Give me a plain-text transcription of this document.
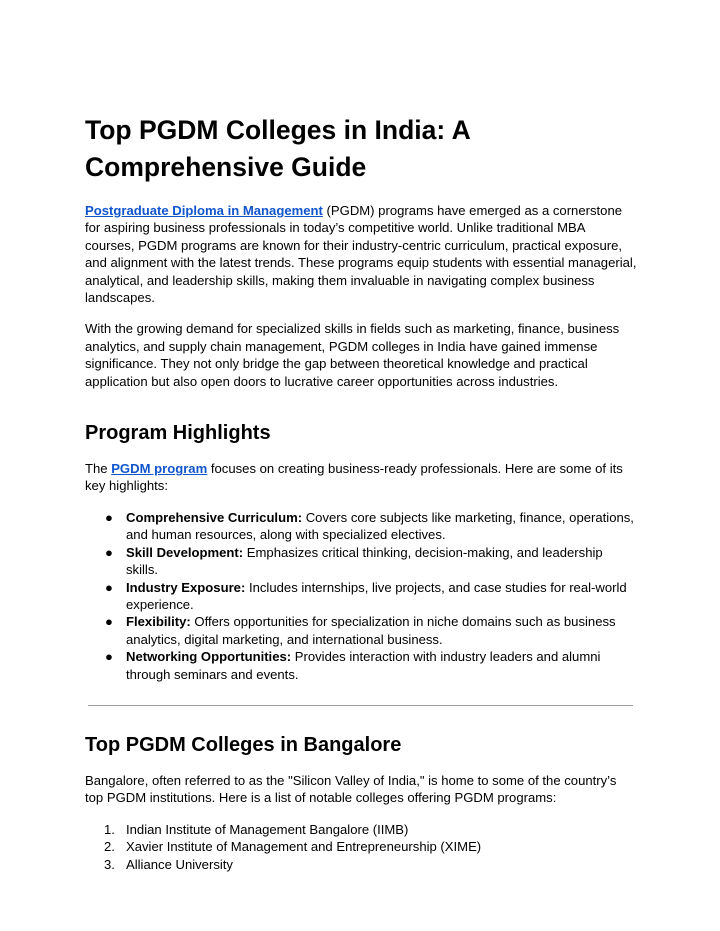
Top PGDM Colleges in India: A Comprehensive Guide

Postgraduate Diploma in Management (PGDM) programs have emerged as a cornerstone for aspiring business professionals in today’s competitive world. Unlike traditional MBA courses, PGDM programs are known for their industry-centric curriculum, practical exposure, and alignment with the latest trends. These programs equip students with essential managerial, analytical, and leadership skills, making them invaluable in navigating complex business landscapes.

With the growing demand for specialized skills in fields such as marketing, finance, business analytics, and supply chain management, PGDM colleges in India have gained immense significance. They not only bridge the gap between theoretical knowledge and practical application but also open doors to lucrative career opportunities across industries.

Program Highlights

The PGDM program focuses on creating business-ready professionals. Here are some of its key highlights:

● Comprehensive Curriculum: Covers core subjects like marketing, finance, operations, and human resources, along with specialized electives.
● Skill Development: Emphasizes critical thinking, decision-making, and leadership skills.
● Industry Exposure: Includes internships, live projects, and case studies for real-world experience.
● Flexibility: Offers opportunities for specialization in niche domains such as business analytics, digital marketing, and international business.
● Networking Opportunities: Provides interaction with industry leaders and alumni through seminars and events.
Top PGDM Colleges in Bangalore

Bangalore, often referred to as the "Silicon Valley of India," is home to some of the country’s top PGDM institutions. Here is a list of notable colleges offering PGDM programs:

1. Indian Institute of Management Bangalore (IIMB)
2. Xavier Institute of Management and Entrepreneurship (XIME)
3. Alliance University
